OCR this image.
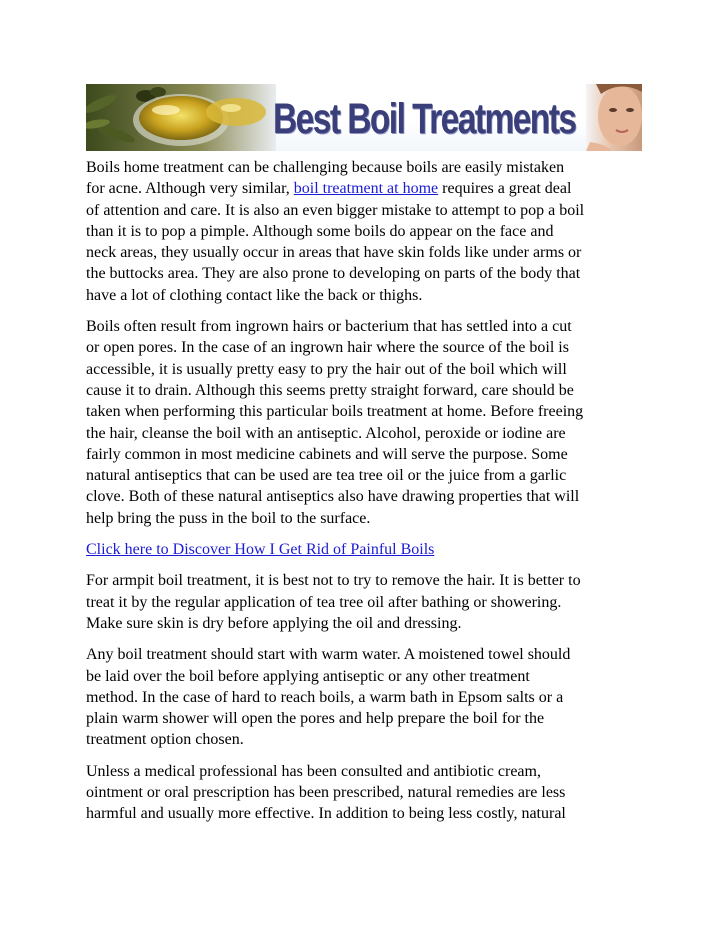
Best Boil Treatments

Boils home treatment can be challenging because boils are easily mistaken
for acne. Although very similar, boil treatment at home requires a great deal
of attention and care. It is also an even bigger mistake to attempt to pop a boil
than it is to pop a pimple. Although some boils do appear on the face and
neck areas, they usually occur in areas that have skin folds like under arms or
the buttocks area. They are also prone to developing on parts of the body that
have a lot of clothing contact like the back or thighs.

Boils often result from ingrown hairs or bacterium that has settled into a cut
or open pores. In the case of an ingrown hair where the source of the boil is
accessible, it is usually pretty easy to pry the hair out of the boil which will
cause it to drain. Although this seems pretty straight forward, care should be
taken when performing this particular boils treatment at home. Before freeing
the hair, cleanse the boil with an antiseptic. Alcohol, peroxide or iodine are
fairly common in most medicine cabinets and will serve the purpose. Some
natural antiseptics that can be used are tea tree oil or the juice from a garlic
clove. Both of these natural antiseptics also have drawing properties that will
help bring the puss in the boil to the surface.

Click here to Discover How I Get Rid of Painful Boils

For armpit boil treatment, it is best not to try to remove the hair. It is better to
treat it by the regular application of tea tree oil after bathing or showering.
Make sure skin is dry before applying the oil and dressing.

Any boil treatment should start with warm water. A moistened towel should
be laid over the boil before applying antiseptic or any other treatment
method. In the case of hard to reach boils, a warm bath in Epsom salts or a
plain warm shower will open the pores and help prepare the boil for the
treatment option chosen.

Unless a medical professional has been consulted and antibiotic cream,
ointment or oral prescription has been prescribed, natural remedies are less
harmful and usually more effective. In addition to being less costly, natural
